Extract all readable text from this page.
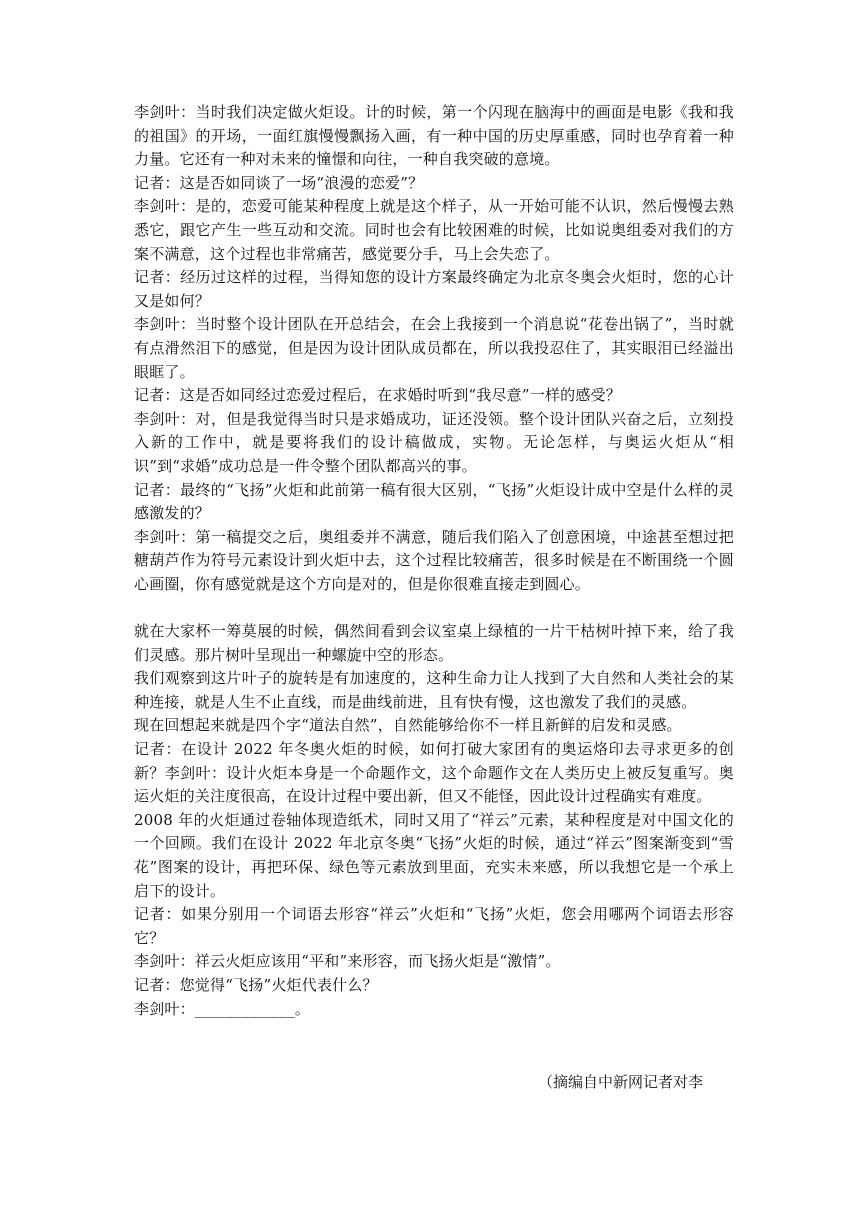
李剑叶：当时我们决定做火炬设。计的时候，第一个闪现在脑海中的画面是电影《我和我的祖国》的开场，一面红旗慢慢飘扬入画，有一种中国的历史厚重感，同时也孕育着一种力量。它还有一种对未来的憧憬和向往，一种自我突破的意境。

记者：这是否如同谈了一场“浪漫的恋爱”？

李剑叶：是的，恋爱可能某种程度上就是这个样子，从一开始可能不认识，然后慢慢去熟悉它，跟它产生一些互动和交流。同时也会有比较困难的时候，比如说奥组委对我们的方案不满意，这个过程也非常痛苦，感觉要分手，马上会失恋了。

记者：经历过这样的过程，当得知您的设计方案最终确定为北京冬奥会火炬时，您的心计又是如何？

李剑叶：当时整个设计团队在开总结会，在会上我接到一个消息说“花卷出锅了”，当时就有点滑然泪下的感觉，但是因为设计团队成员都在，所以我投忍住了，其实眼泪已经溢出眼眶了。

记者：这是否如同经过恋爱过程后，在求婚时听到“我尽意”一样的感受？

李剑叶：对，但是我觉得当时只是求婚成功，证还没领。整个设计团队兴奋之后，立刻投入新的工作中，就是要将我们的设计稿做成，实物。无论怎样，与奥运火炬从“相识”到“求婚”成功总是一件令整个团队都高兴的事。

记者：最终的“飞扬”火炬和此前第一稿有很大区别，“飞扬”火炬设计成中空是什么样的灵感激发的？

李剑叶：第一稿提交之后，奥组委并不满意，随后我们陷入了创意困境，中途甚至想过把糖葫芦作为符号元素设计到火炬中去，这个过程比较痛苦，很多时候是在不断围绕一个圆心画圈，你有感觉就是这个方向是对的，但是你很难直接走到圆心。

就在大家杯一筹莫展的时候，偶然间看到会议室桌上绿植的一片干枯树叶掉下来，给了我们灵感。那片树叶呈现出一种螺旋中空的形态。

我们观察到这片叶子的旋转是有加速度的，这种生命力让人找到了大自然和人类社会的某种连接，就是人生不止直线，而是曲线前进，且有快有慢，这也激发了我们的灵感。

现在回想起来就是四个字“道法自然”，自然能够给你不一样且新鲜的启发和灵感。

记者：在设计 2022 年冬奥火炬的时候，如何打破大家团有的奥运烙印去寻求更多的创新？李剑叶：设计火炬本身是一个命题作文，这个命题作文在人类历史上被反复重写。奥运火炬的关注度很高，在设计过程中要出新，但又不能怪，因此设计过程确实有难度。

2008 年的火炬通过卷轴体现造纸术，同时又用了“祥云”元素，某种程度是对中国文化的一个回顾。我们在设计 2022 年北京冬奥“飞扬”火炬的时候，通过“祥云”图案渐变到“雪花”图案的设计，再把环保、绿色等元素放到里面，充实未来感，所以我想它是一个承上启下的设计。

记者：如果分别用一个词语去形容“祥云”火炬和“飞扬”火炬，您会用哪两个词语去形容它？

李剑叶：祥云火炬应该用“平和”来形容，而飞扬火炬是“激情”。

记者：您觉得“飞扬”火炬代表什么？

李剑叶：_____________。

（摘编自中新网记者对李
